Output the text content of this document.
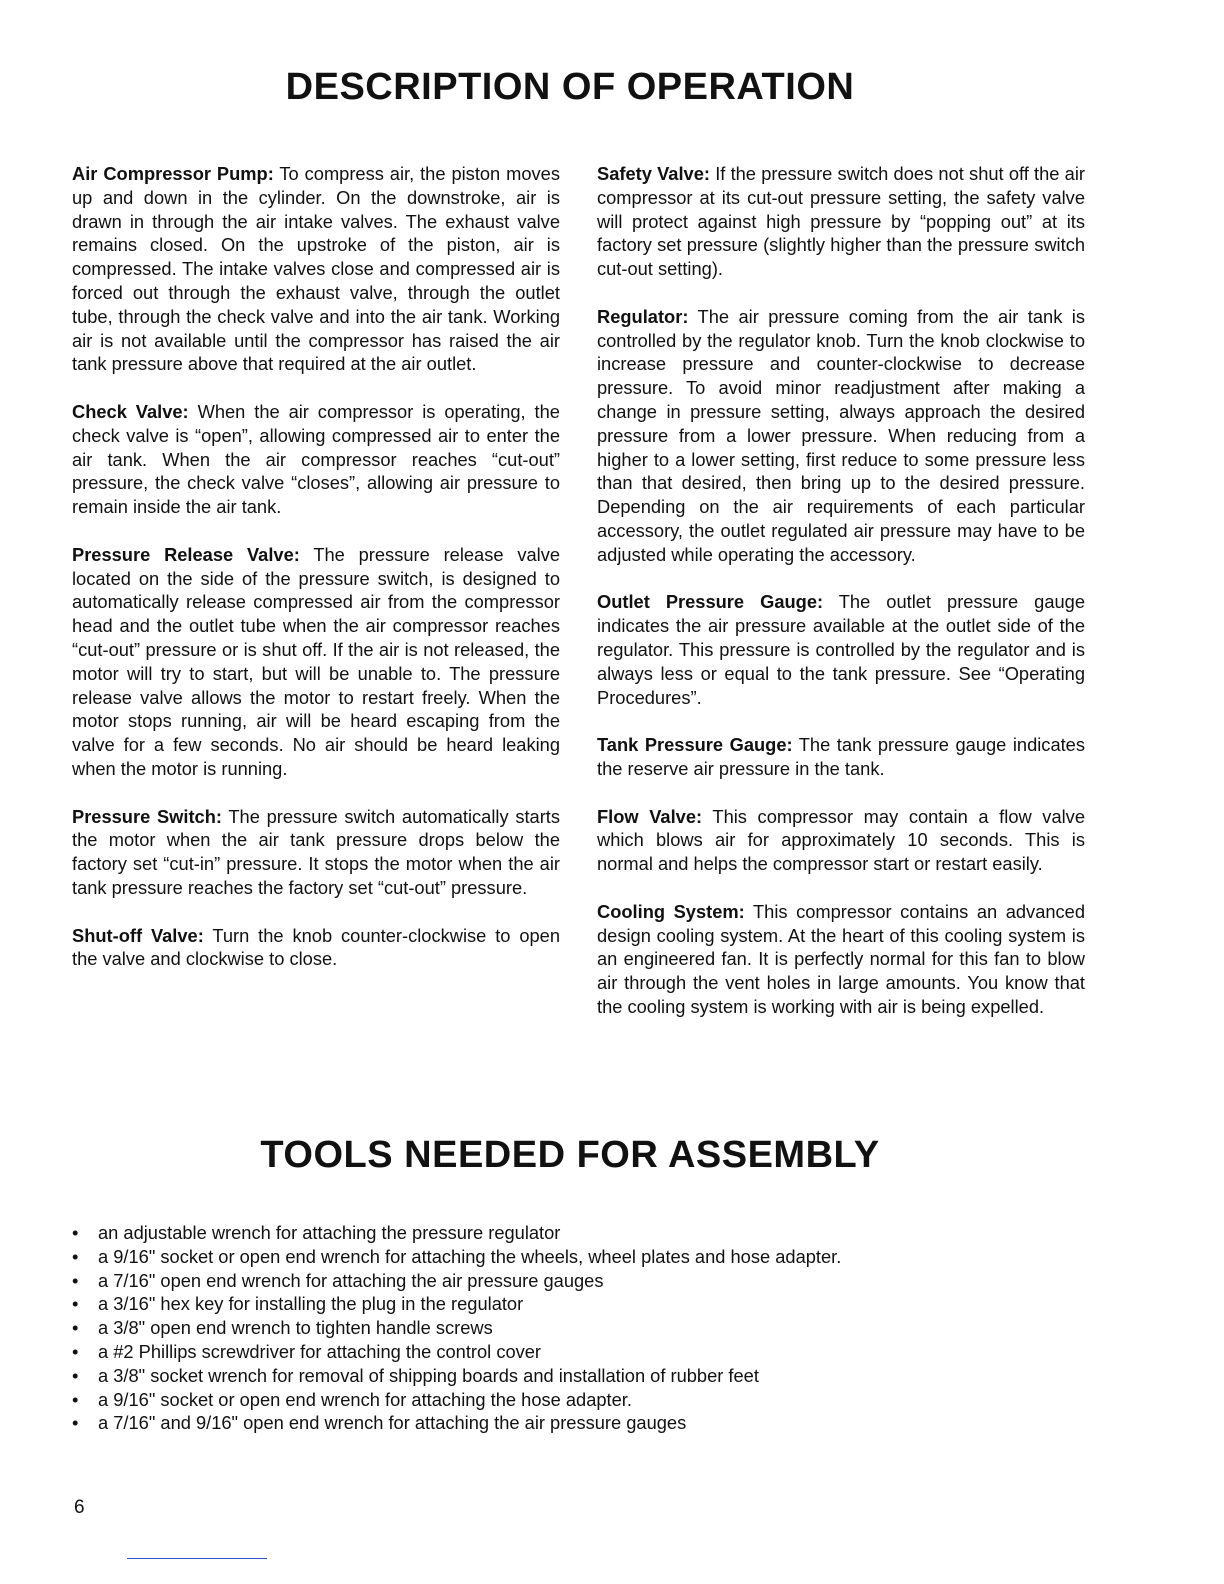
DESCRIPTION OF OPERATION

Air Compressor Pump: To compress air, the piston moves up and down in the cylinder. On the downstroke, air is drawn in through the air intake valves. The exhaust valve remains closed. On the upstroke of the piston, air is compressed. The intake valves close and compressed air is forced out through the exhaust valve, through the outlet tube, through the check valve and into the air tank. Working air is not available until the compressor has raised the air tank pressure above that required at the air outlet.

Check Valve: When the air compressor is operating, the check valve is “open”, allowing compressed air to enter the air tank. When the air compressor reaches “cut-out” pressure, the check valve “closes”, allowing air pressure to remain inside the air tank.

Pressure Release Valve: The pressure release valve located on the side of the pressure switch, is designed to automatically release compressed air from the compressor head and the outlet tube when the air compressor reaches “cut-out” pressure or is shut off. If the air is not released, the motor will try to start, but will be unable to. The pressure release valve allows the motor to restart freely. When the motor stops running, air will be heard escaping from the valve for a few seconds. No air should be heard leaking when the motor is running.

Pressure Switch: The pressure switch automatically starts the motor when the air tank pressure drops below the factory set “cut-in” pressure. It stops the motor when the air tank pressure reaches the factory set “cut-out” pressure.

Shut-off Valve: Turn the knob counter-clockwise to open the valve and clockwise to close.

Safety Valve: If the pressure switch does not shut off the air compressor at its cut-out pressure setting, the safety valve will protect against high pressure by “popping out” at its factory set pressure (slightly higher than the pressure switch cut-out setting).

Regulator: The air pressure coming from the air tank is controlled by the regulator knob. Turn the knob clockwise to increase pressure and counter-clockwise to decrease pressure. To avoid minor readjustment after making a change in pressure setting, always approach the desired pressure from a lower pressure. When reducing from a higher to a lower setting, first reduce to some pressure less than that desired, then bring up to the desired pressure. Depending on the air requirements of each particular accessory, the outlet regulated air pressure may have to be adjusted while operating the accessory.

Outlet Pressure Gauge: The outlet pressure gauge indicates the air pressure available at the outlet side of the regulator. This pressure is controlled by the regulator and is always less or equal to the tank pressure. See “Operating Procedures”.

Tank Pressure Gauge: The tank pressure gauge indicates the reserve air pressure in the tank.

Flow Valve: This compressor may contain a flow valve which blows air for approximately 10 seconds. This is normal and helps the compressor start or restart easily.

Cooling System: This compressor contains an advanced design cooling system. At the heart of this cooling system is an engineered fan. It is perfectly normal for this fan to blow air through the vent holes in large amounts. You know that the cooling system is working with air is being expelled.

TOOLS NEEDED FOR ASSEMBLY
• an adjustable wrench for attaching the pressure regulator
• a 9/16" socket or open end wrench for attaching the wheels, wheel plates and hose adapter.
• a 7/16" open end wrench for attaching the air pressure gauges
• a 3/16" hex key for installing the plug in the regulator
• a 3/8" open end wrench to tighten handle screws
• a #2 Phillips screwdriver for attaching the control cover
• a 3/8" socket wrench for removal of shipping boards and installation of rubber feet
• a 9/16" socket or open end wrench for attaching the hose adapter.
• a 7/16" and 9/16" open end wrench for attaching the air pressure gauges
6
